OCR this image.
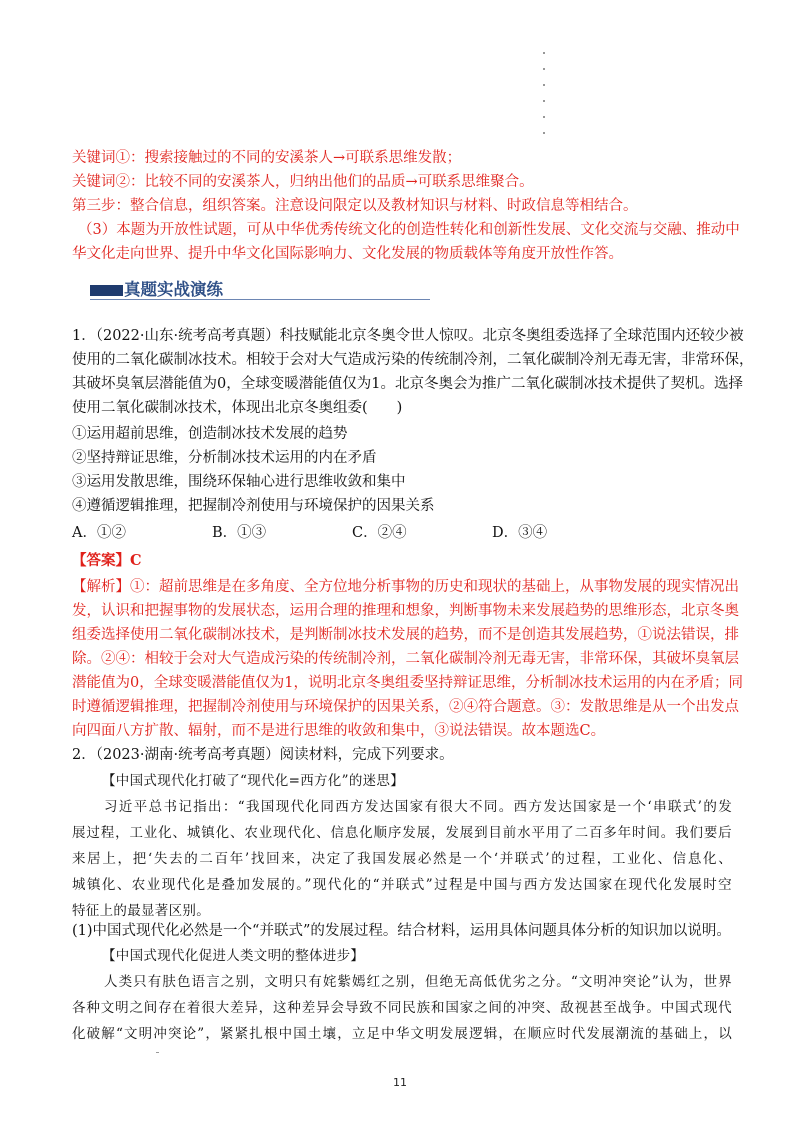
关键词①：搜索接触过的不同的安溪茶人→可联系思维发散；
关键词②：比较不同的安溪茶人，归纳出他们的品质→可联系思维聚合。
第三步：整合信息，组织答案。注意设问限定以及教材知识与材料、时政信息等相结合。
（3）本题为开放性试题，可从中华优秀传统文化的创造性转化和创新性发展、文化交流与交融、推动中
华文化走向世界、提升中华文化国际影响力、文化发展的物质载体等角度开放性作答。
真题实战演练
1．（2022·山东·统考高考真题）科技赋能北京冬奥令世人惊叹。北京冬奥组委选择了全球范围内还较少被
使用的二氧化碳制冰技术。相较于会对大气造成污染的传统制冷剂，二氧化碳制冷剂无毒无害，非常环保，
其破坏臭氧层潜能值为0，全球变暖潜能值仅为1。北京冬奥会为推广二氧化碳制冰技术提供了契机。选择
使用二氧化碳制冰技术，体现出北京冬奥组委(　　)
①运用超前思维，创造制冰技术发展的趋势
②坚持辩证思维，分析制冰技术运用的内在矛盾
③运用发散思维，围绕环保轴心进行思维收敛和集中
④遵循逻辑推理，把握制冷剂使用与环境保护的因果关系
A．①②	B．①③	C．②④	D．③④
【答案】C
【解析】①：超前思维是在多角度、全方位地分析事物的历史和现状的基础上，从事物发展的现实情况出
发，认识和把握事物的发展状态，运用合理的推理和想象，判断事物未来发展趋势的思维形态，北京冬奥
组委选择使用二氧化碳制冰技术，是判断制冰技术发展的趋势，而不是创造其发展趋势，①说法错误，排
除。②④：相较于会对大气造成污染的传统制冷剂，二氧化碳制冷剂无毒无害，非常环保，其破坏臭氧层
潜能值为0，全球变暖潜能值仅为1，说明北京冬奥组委坚持辩证思维，分析制冰技术运用的内在矛盾；同
时遵循逻辑推理，把握制冷剂使用与环境保护的因果关系，②④符合题意。③：发散思维是从一个出发点
向四面八方扩散、辐射，而不是进行思维的收敛和集中，③说法错误。故本题选C。
2．（2023·湖南·统考高考真题）阅读材料，完成下列要求。
【中国式现代化打破了“现代化=西方化”的迷思】
习近平总书记指出：“我国现代化同西方发达国家有很大不同。西方发达国家是一个‘串联式’的发
展过程，工业化、城镇化、农业现代化、信息化顺序发展，发展到目前水平用了二百多年时间。我们要后
来居上，把‘失去的二百年’找回来，决定了我国发展必然是一个‘并联式’的过程，工业化、信息化、
城镇化、农业现代化是叠加发展的。”现代化的“并联式”过程是中国与西方发达国家在现代化发展时空
特征上的最显著区别。
(1)中国式现代化必然是一个“并联式”的发展过程。结合材料，运用具体问题具体分析的知识加以说明。
【中国式现代化促进人类文明的整体进步】
人类只有肤色语言之别，文明只有姹紫嫣红之别，但绝无高低优劣之分。“文明冲突论”认为，世界
各种文明之间存在着很大差异，这种差异会导致不同民族和国家之间的冲突、敌视甚至战争。中国式现代
化破解“文明冲突论”，紧紧扎根中国土壤，立足中华文明发展逻辑，在顺应时代发展潮流的基础上，以
11
